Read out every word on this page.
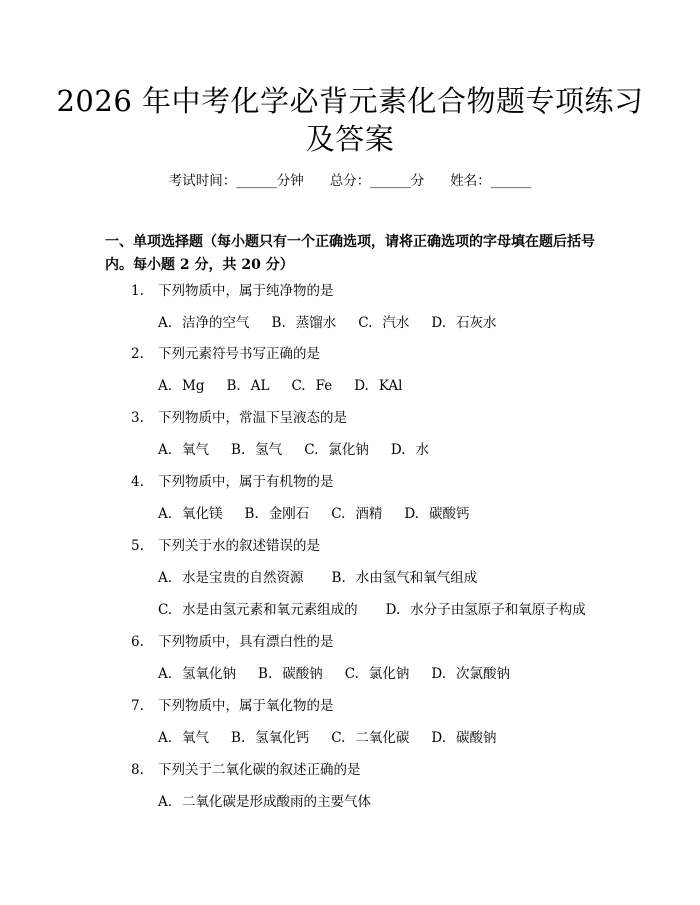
2026 年中考化学必背元素化合物题专项练习
及答案
考试时间：______分钟 总分：______分 姓名：______
一、单项选择题（每小题只有一个正确选项，请将正确选项的字母填在题后括号内。每小题 2 分，共 20 分）
1. 下列物质中，属于纯净物的是
A. 洁净的空气 B. 蒸馏水 C. 汽水 D. 石灰水
2. 下列元素符号书写正确的是
A. Mg B. AL C. Fe D. KAl
3. 下列物质中，常温下呈液态的是
A. 氧气 B. 氢气 C. 氯化钠 D. 水
4. 下列物质中，属于有机物的是
A. 氧化镁 B. 金刚石 C. 酒精 D. 碳酸钙
5. 下列关于水的叙述错误的是
A. 水是宝贵的自然资源 B. 水由氢气和氧气组成
C. 水是由氢元素和氧元素组成的 D. 水分子由氢原子和氧原子构成
6. 下列物质中，具有漂白性的是
A. 氢氧化钠 B. 碳酸钠 C. 氯化钠 D. 次氯酸钠
7. 下列物质中，属于氧化物的是
A. 氧气 B. 氢氧化钙 C. 二氧化碳 D. 碳酸钠
8. 下列关于二氧化碳的叙述正确的是
A. 二氧化碳是形成酸雨的主要气体
